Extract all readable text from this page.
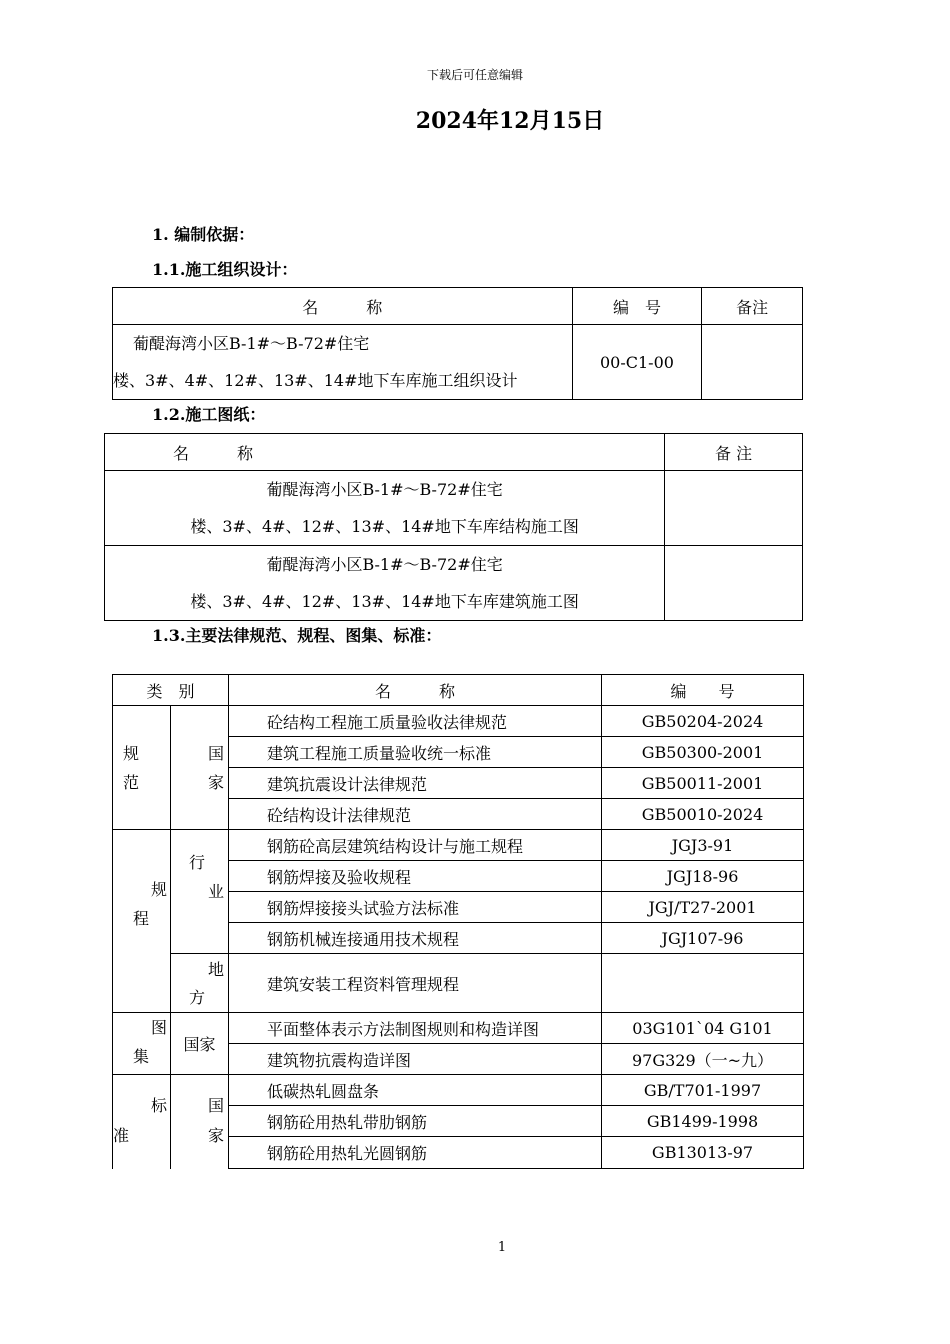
下载后可任意编辑
2024年12月15日
1. 编制依据：
1.1.施工组织设计：
名　　　称	编　号	备注

葡醍海湾小区B-1#～B-72#住宅
楼、3#、4#、12#、13#、14#地下车库施工组织设计	00-C1-00	
1.2.施工图纸：
名　　　称	备 注

葡醍海湾小区B-1#～B-72#住宅
楼、3#、4#、12#、13#、14#地下车库结构施工图	

葡醍海湾小区B-1#～B-72#住宅
楼、3#、4#、12#、13#、14#地下车库建筑施工图	

1.3.主要法律规范、规程、图集、标准：
类　别		名　　　称	编　　号

规
范	国
家	砼结构工程施工质量验收法律规范	GB50204-2024
		建筑工程施工质量验收统一标准	GB50300-2001
		建筑抗震设计法律规范	GB50011-2001
		砼结构设计法律规范	GB50010-2024

规
程	行
业	钢筋砼高层建筑结构设计与施工规程	JGJ3-91
		钢筋焊接及验收规程	JGJ18-96
		钢筋焊接接头试验方法标准	JGJ/T27-2001
		钢筋机械连接通用技术规程	JGJ107-96

	地
方	建筑安装工程资料管理规程	

图
集	国家	平面整体表示方法制图规则和构造详图	03G101`04 G101
		建筑物抗震构造详图	97G329（一~九）

标
准	国
家	低碳热轧圆盘条	GB/T701-1997
		钢筋砼用热轧带肋钢筋	GB1499-1998
		钢筋砼用热轧光圆钢筋	GB13013-97
1
